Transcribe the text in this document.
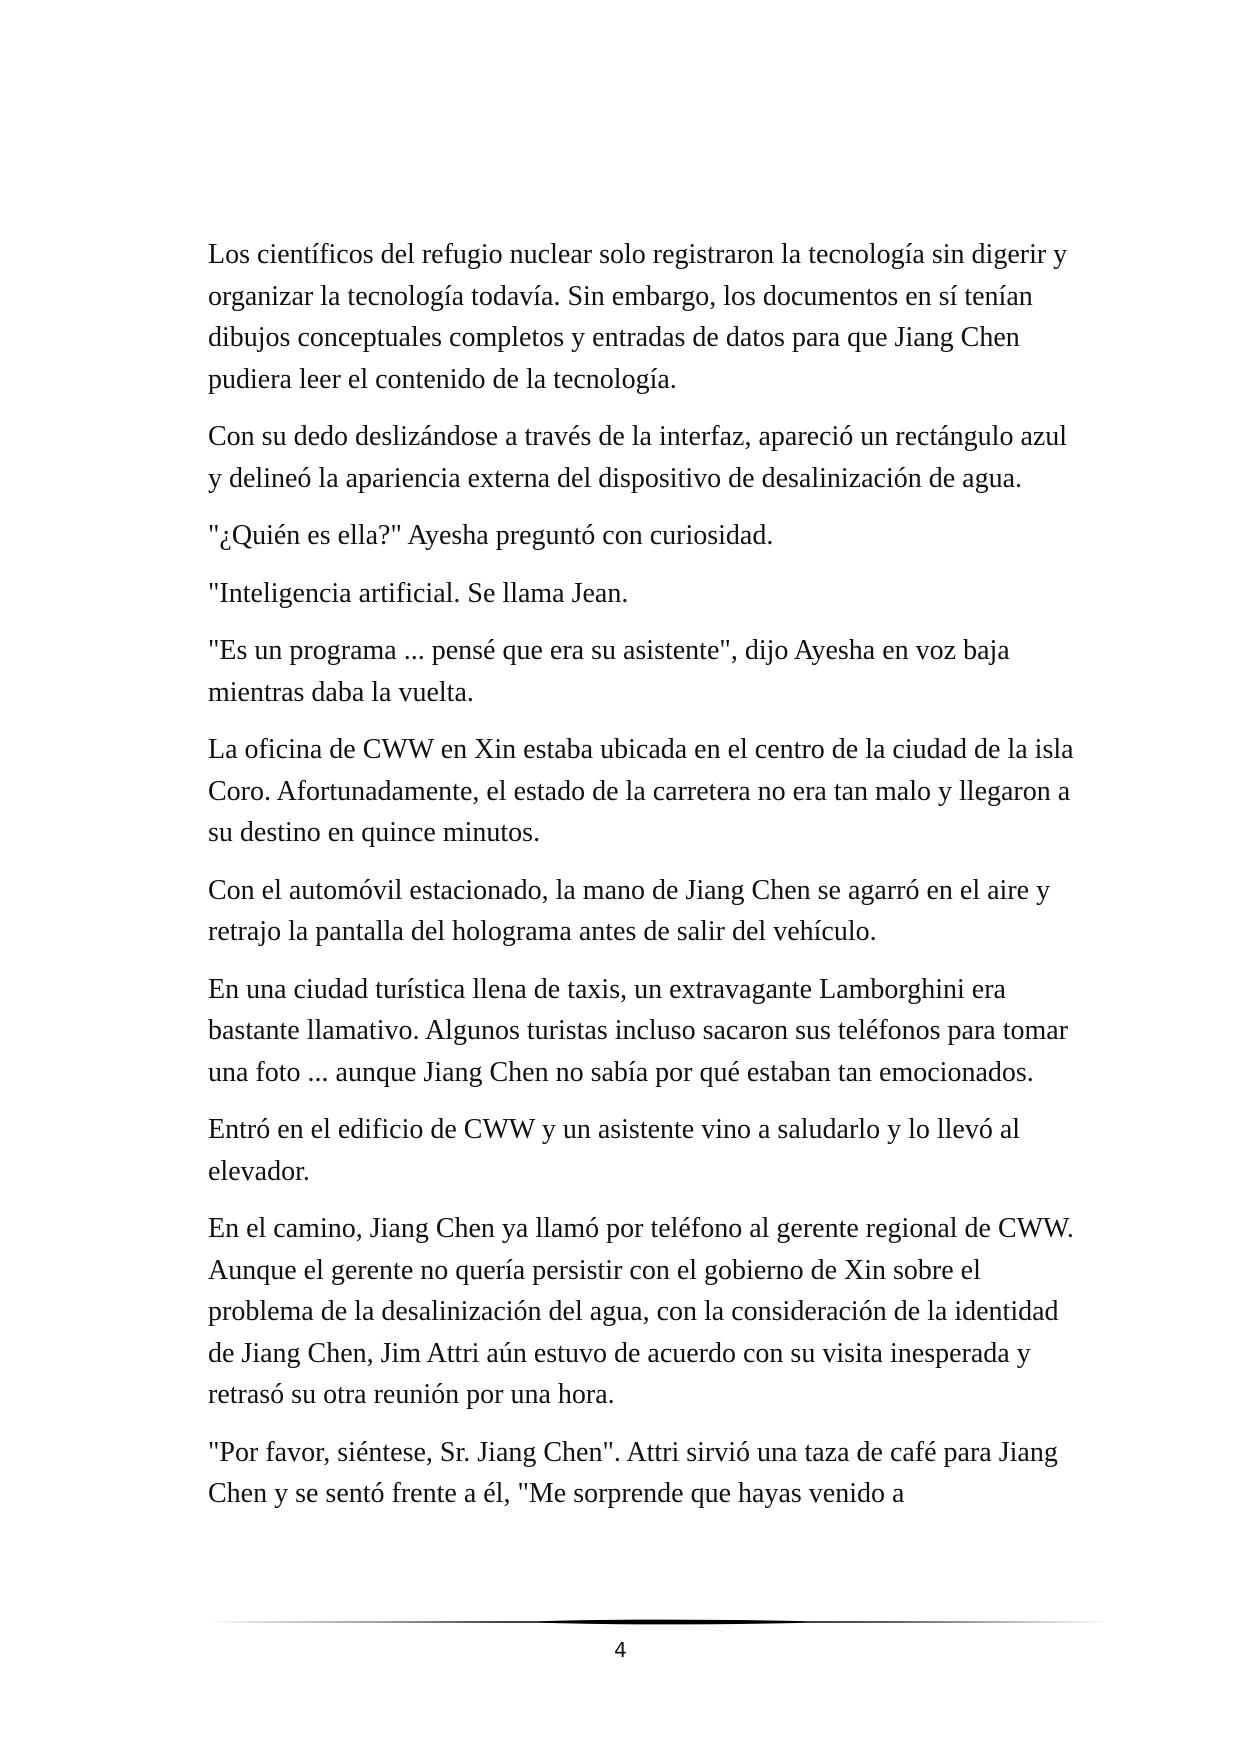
Los científicos del refugio nuclear solo registraron la tecnología sin digerir y organizar la tecnología todavía. Sin embargo, los documentos en sí tenían dibujos conceptuales completos y entradas de datos para que Jiang Chen pudiera leer el contenido de la tecnología.

Con su dedo deslizándose a través de la interfaz, apareció un rectángulo azul y delineó la apariencia externa del dispositivo de desalinización de agua.

"¿Quién es ella?" Ayesha preguntó con curiosidad.

"Inteligencia artificial. Se llama Jean.

"Es un programa ... pensé que era su asistente", dijo Ayesha en voz baja mientras daba la vuelta.

La oficina de CWW en Xin estaba ubicada en el centro de la ciudad de la isla Coro. Afortunadamente, el estado de la carretera no era tan malo y llegaron a su destino en quince minutos.

Con el automóvil estacionado, la mano de Jiang Chen se agarró en el aire y retrajo la pantalla del holograma antes de salir del vehículo.

En una ciudad turística llena de taxis, un extravagante Lamborghini era bastante llamativo. Algunos turistas incluso sacaron sus teléfonos para tomar una foto ... aunque Jiang Chen no sabía por qué estaban tan emocionados.

Entró en el edificio de CWW y un asistente vino a saludarlo y lo llevó al elevador.

En el camino, Jiang Chen ya llamó por teléfono al gerente regional de CWW. Aunque el gerente no quería persistir con el gobierno de Xin sobre el problema de la desalinización del agua, con la consideración de la identidad de Jiang Chen, Jim Attri aún estuvo de acuerdo con su visita inesperada y retrasó su otra reunión por una hora.

"Por favor, siéntese, Sr. Jiang Chen". Attri sirvió una taza de café para Jiang Chen y se sentó frente a él, "Me sorprende que hayas venido a

4
